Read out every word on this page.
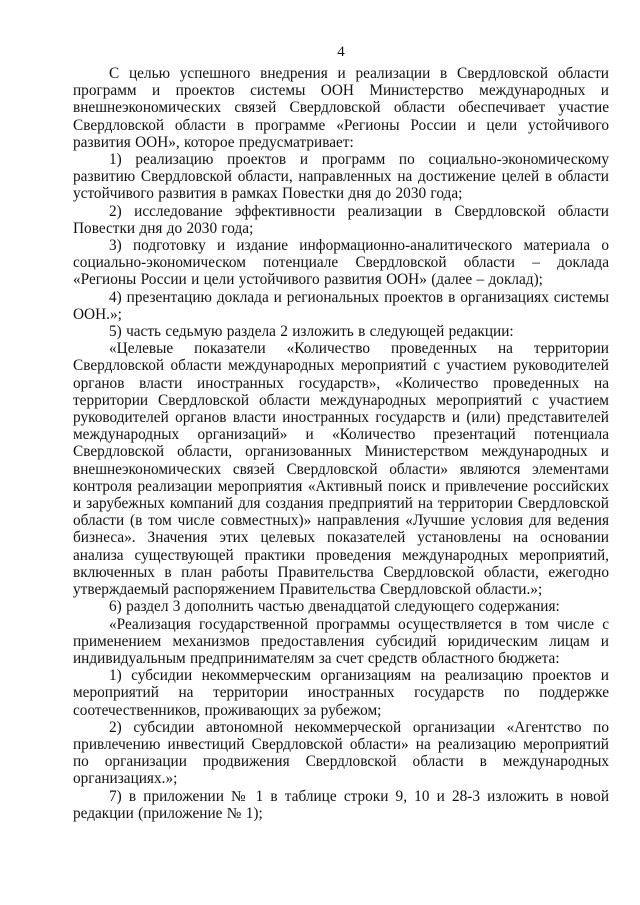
4

С целью успешного внедрения и реализации в Свердловской области программ и проектов системы ООН Министерство международных и внешнеэкономических связей Свердловской области обеспечивает участие Свердловской области в программе «Регионы России и цели устойчивого развития ООН», которое предусматривает:

1) реализацию проектов и программ по социально-экономическому развитию Свердловской области, направленных на достижение целей в области устойчивого развития в рамках Повестки дня до 2030 года;

2) исследование эффективности реализации в Свердловской области Повестки дня до 2030 года;

3) подготовку и издание информационно-аналитического материала о социально-экономическом потенциале Свердловской области – доклада «Регионы России и цели устойчивого развития ООН» (далее – доклад);

4) презентацию доклада и региональных проектов в организациях системы ООН.»;

5) часть седьмую раздела 2 изложить в следующей редакции:

«Целевые показатели «Количество проведенных на территории Свердловской области международных мероприятий с участием руководителей органов власти иностранных государств», «Количество проведенных на территории Свердловской области международных мероприятий с участием руководителей органов власти иностранных государств и (или) представителей международных организаций» и «Количество презентаций потенциала Свердловской области, организованных Министерством международных и внешнеэкономических связей Свердловской области» являются элементами контроля реализации мероприятия «Активный поиск и привлечение российских и зарубежных компаний для создания предприятий на территории Свердловской области (в том числе совместных)» направления «Лучшие условия для ведения бизнеса». Значения этих целевых показателей установлены на основании анализа существующей практики проведения международных мероприятий, включенных в план работы Правительства Свердловской области, ежегодно утверждаемый распоряжением Правительства Свердловской области.»;

6) раздел 3 дополнить частью двенадцатой следующего содержания:

«Реализация государственной программы осуществляется в том числе с применением механизмов предоставления субсидий юридическим лицам и индивидуальным предпринимателям за счет средств областного бюджета:

1) субсидии некоммерческим организациям на реализацию проектов и мероприятий на территории иностранных государств по поддержке соотечественников, проживающих за рубежом;

2) субсидии автономной некоммерческой организации «Агентство по привлечению инвестиций Свердловской области» на реализацию мероприятий по организации продвижения Свердловской области в международных организациях.»;

7) в приложении № 1 в таблице строки 9, 10 и 28-3 изложить в новой редакции (приложение № 1);
